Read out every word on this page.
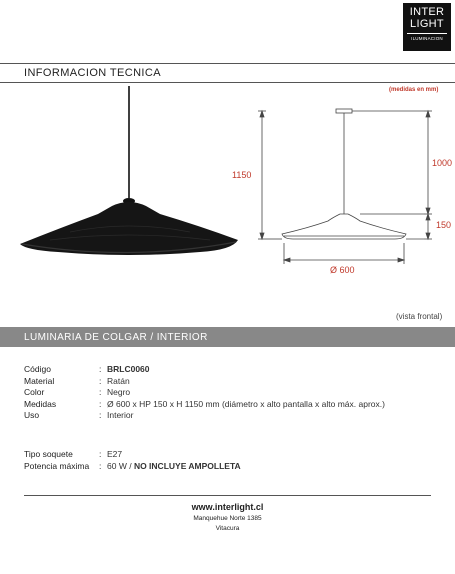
INTER
LIGHT
ILUMINACION
INFORMACION TECNICA
(medidas en mm)
1150
1000
150
Ø 600
(vista frontal)
LUMINARIA DE COLGAR / INTERIOR
Código	: BRLC0060
Material	: Ratán
Color	: Negro
Medidas	: Ø 600 x HP 150 x H 1150 mm (diámetro x alto pantalla x alto máx. aprox.)
Uso	: Interior
Tipo soquete	: E27
Potencia máxima	: 60 W / NO INCLUYE AMPOLLETA
www.interlight.cl
Manquehue Norte 1385
Vitacura
